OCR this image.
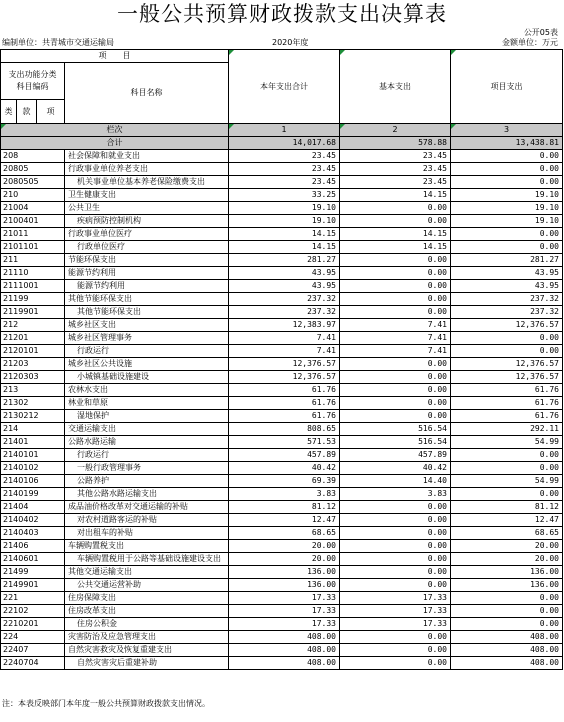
一般公共预算财政拨款支出决算表
公开05表
编制单位：共青城市交通运输局	2020年度	金额单位：万元
项　　目				本年支出合计	基本支出	项目支出
支出功能分类
科目编码			科目名称			
类	款	项				
栏次				1	2	3
合计				14,017.68	578.88	13,438.81
208			社会保障和就业支出	23.45	23.45	0.00
20805			行政事业单位养老支出	23.45	23.45	0.00
2080505			机关事业单位基本养老保险缴费支出	23.45	23.45	0.00
210			卫生健康支出	33.25	14.15	19.10
21004			公共卫生	19.10	0.00	19.10
2100401			疾病预防控制机构	19.10	0.00	19.10
21011			行政事业单位医疗	14.15	14.15	0.00
2101101			行政单位医疗	14.15	14.15	0.00
211			节能环保支出	281.27	0.00	281.27
21110			能源节约利用	43.95	0.00	43.95
2111001			能源节约利用	43.95	0.00	43.95
21199			其他节能环保支出	237.32	0.00	237.32
2119901			其他节能环保支出	237.32	0.00	237.32
212			城乡社区支出	12,383.97	7.41	12,376.57
21201			城乡社区管理事务	7.41	7.41	0.00
2120101			行政运行	7.41	7.41	0.00
21203			城乡社区公共设施	12,376.57	0.00	12,376.57
2120303			小城镇基础设施建设	12,376.57	0.00	12,376.57
213			农林水支出	61.76	0.00	61.76
21302			林业和草原	61.76	0.00	61.76
2130212			湿地保护	61.76	0.00	61.76
214			交通运输支出	808.65	516.54	292.11
21401			公路水路运输	571.53	516.54	54.99
2140101			行政运行	457.89	457.89	0.00
2140102			一般行政管理事务	40.42	40.42	0.00
2140106			公路养护	69.39	14.40	54.99
2140199			其他公路水路运输支出	3.83	3.83	0.00
21404			成品油价格改革对交通运输的补贴	81.12	0.00	81.12
2140402			对农村道路客运的补贴	12.47	0.00	12.47
2140403			对出租车的补贴	68.65	0.00	68.65
21406			车辆购置税支出	20.00	0.00	20.00
2140601			车辆购置税用于公路等基础设施建设支出	20.00	0.00	20.00
21499			其他交通运输支出	136.00	0.00	136.00
2149901			公共交通运营补助	136.00	0.00	136.00
221			住房保障支出	17.33	17.33	0.00
22102			住房改革支出	17.33	17.33	0.00
2210201			住房公积金	17.33	17.33	0.00
224			灾害防治及应急管理支出	408.00	0.00	408.00
22407			自然灾害救灾及恢复重建支出	408.00	0.00	408.00
2240704			自然灾害灾后重建补助	408.00	0.00	408.00
注：本表反映部门本年度一般公共预算财政拨款支出情况。
